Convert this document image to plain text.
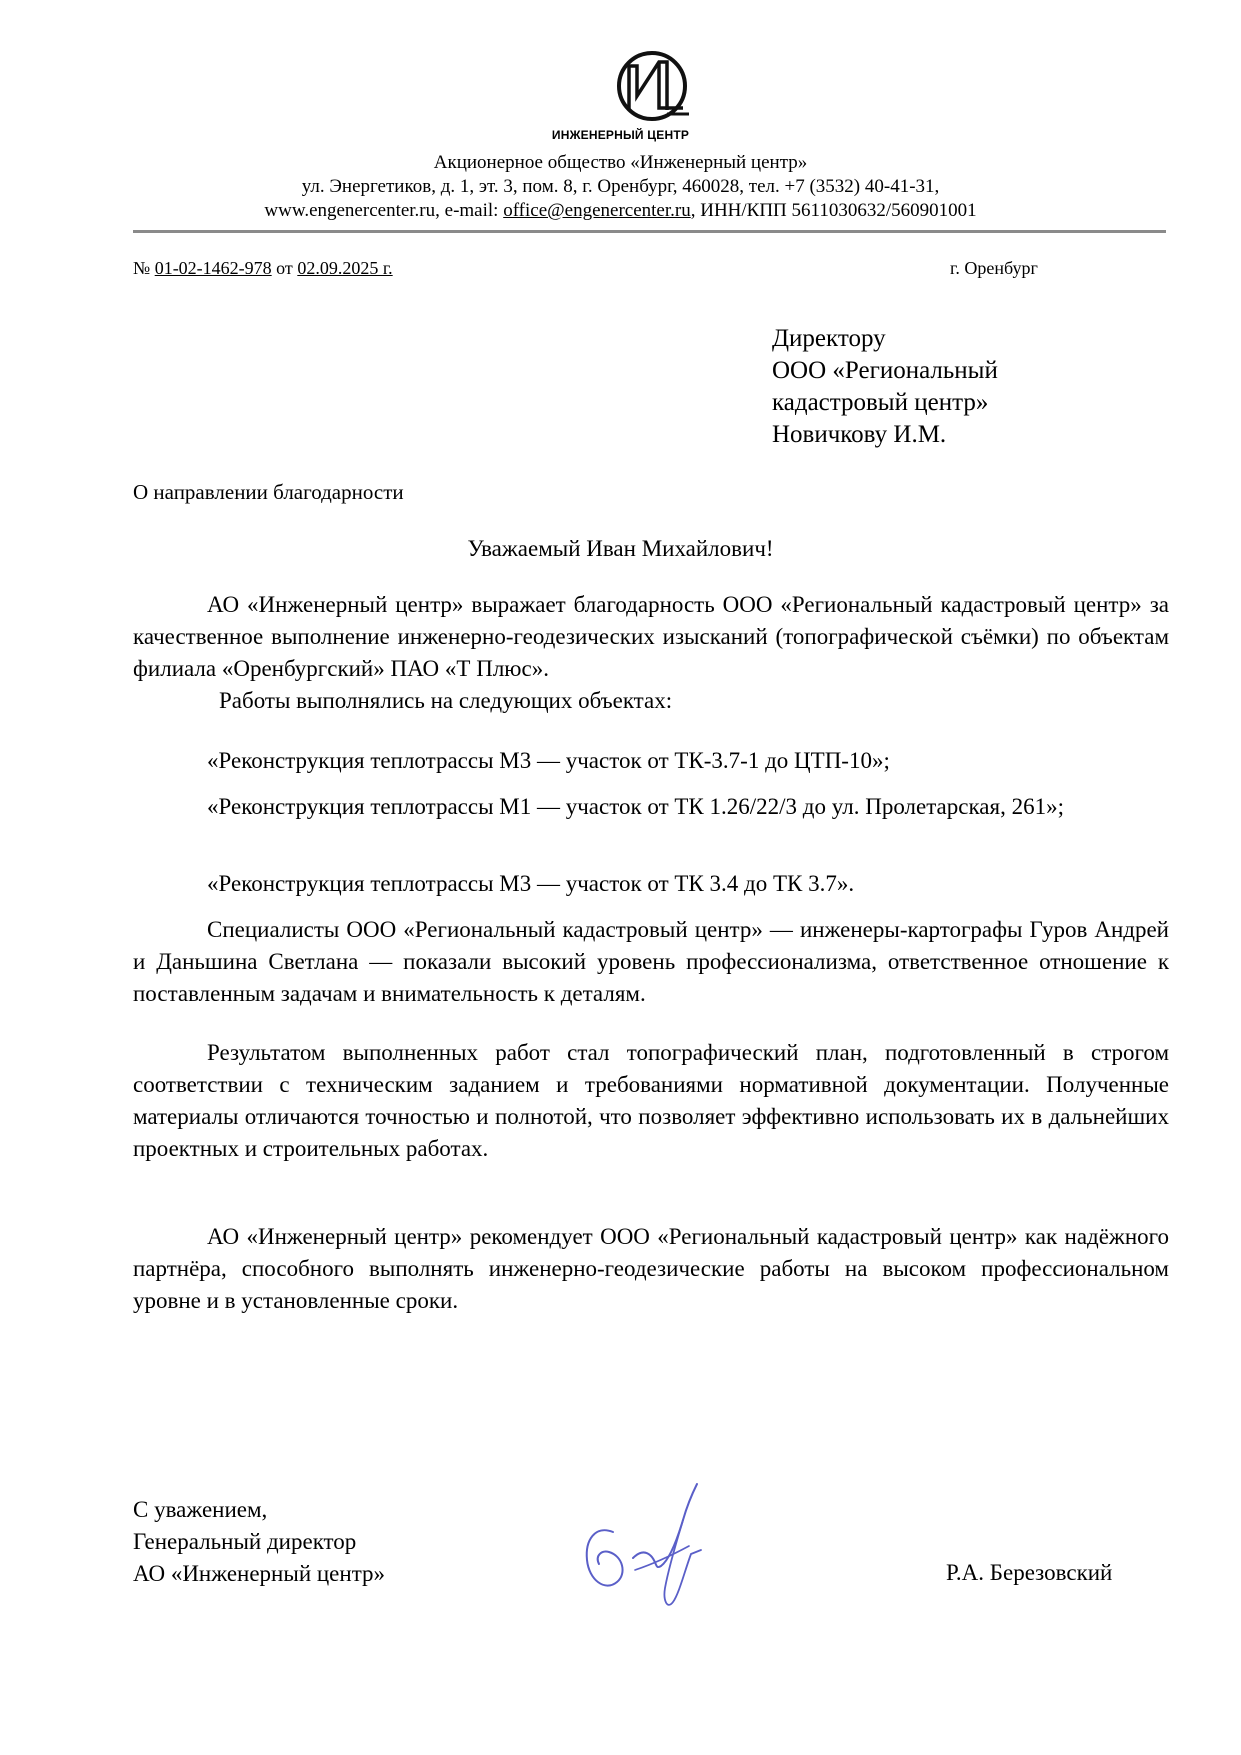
ИНЖЕНЕРНЫЙ ЦЕНТР
Акционерное общество «Инженерный центр»
ул. Энергетиков, д. 1, эт. 3, пом. 8, г. Оренбург, 460028, тел. +7 (3532) 40-41-31,
www.engenercenter.ru, e-mail: office@engenercenter.ru, ИНН/КПП 5611030632/560901001
№ 01-02-1462-978 от 02.09.2025 г.	г. Оренбург
Директору
ООО «Региональный
кадастровый центр»
Новичкову И.М.
О направлении благодарности
Уважаемый Иван Михайлович!

АО «Инженерный центр» выражает благодарность ООО «Региональный кадастровый центр» за качественное выполнение инженерно-геодезических изысканий (топографической съёмки) по объектам филиала «Оренбургский» ПАО «Т Плюс».

Работы выполнялись на следующих объектах:

«Реконструкция теплотрассы М3 — участок от ТК-3.7-1 до ЦТП-10»;

«Реконструкция теплотрассы М1 — участок от ТК 1.26/22/3 до ул. Пролетарская, 261»;

«Реконструкция теплотрассы М3 — участок от ТК 3.4 до ТК 3.7».

Специалисты ООО «Региональный кадастровый центр» — инженеры-картографы Гуров Андрей и Даньшина Светлана — показали высокий уровень профессионализма, ответственное отношение к поставленным задачам и внимательность к деталям.

Результатом выполненных работ стал топографический план, подготовленный в строгом соответствии с техническим заданием и требованиями нормативной документации. Полученные материалы отличаются точностью и полнотой, что позволяет эффективно использовать их в дальнейших проектных и строительных работах.

АО «Инженерный центр» рекомендует ООО «Региональный кадастровый центр» как надёжного партнёра, способного выполнять инженерно-геодезические работы на высоком профессиональном уровне и в установленные сроки.

С уважением,
Генеральный директор
АО «Инженерный центр»	Р.А. Березовский
